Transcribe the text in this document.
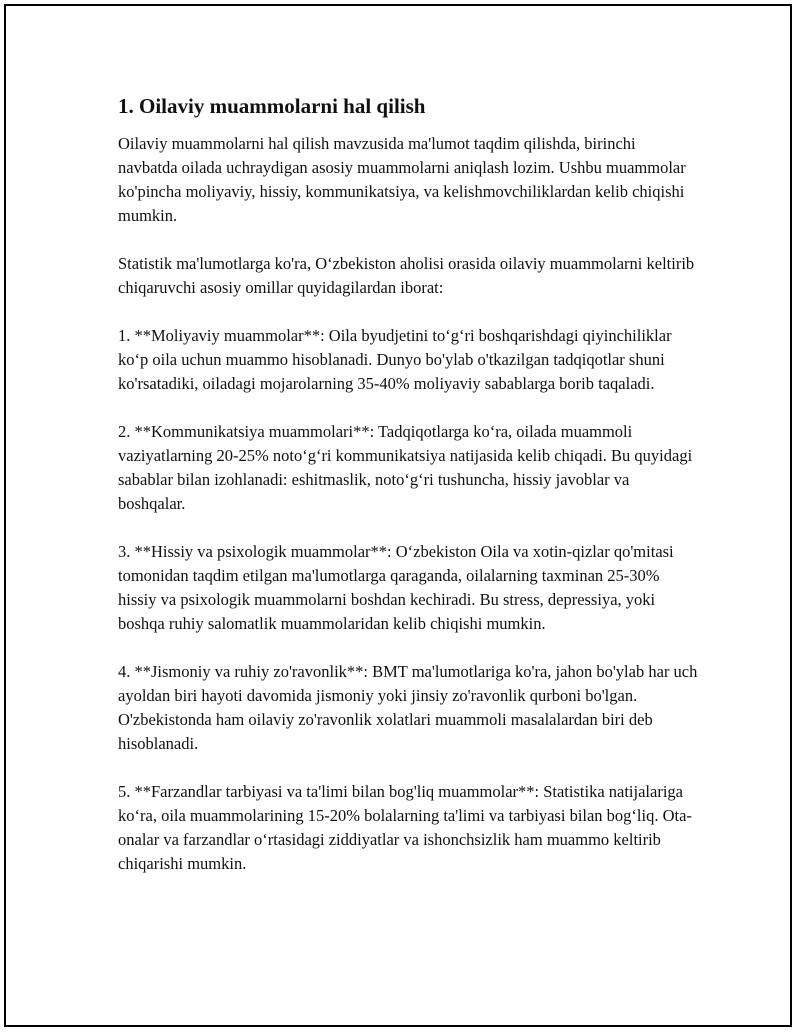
1. Oilaviy muammolarni hal qilish

Oilaviy muammolarni hal qilish mavzusida ma'lumot taqdim qilishda, birinchi navbatda oilada uchraydigan asosiy muammolarni aniqlash lozim. Ushbu muammolar ko'pincha moliyaviy, hissiy, kommunikatsiya, va kelishmovchiliklardan kelib chiqishi mumkin.

Statistik ma'lumotlarga ko'ra, O‘zbekiston aholisi orasida oilaviy muammolarni keltirib chiqaruvchi asosiy omillar quyidagilardan iborat:

1. **Moliyaviy muammolar**: Oila byudjetini to‘g‘ri boshqarishdagi qiyinchiliklar ko‘p oila uchun muammo hisoblanadi. Dunyo bo'ylab o'tkazilgan tadqiqotlar shuni ko'rsatadiki, oiladagi mojarolarning 35-40% moliyaviy sabablarga borib taqaladi.

2. **Kommunikatsiya muammolari**: Tadqiqotlarga ko‘ra, oilada muammoli vaziyatlarning 20-25% noto‘g‘ri kommunikatsiya natijasida kelib chiqadi. Bu quyidagi sabablar bilan izohlanadi: eshitmaslik, noto‘g‘ri tushuncha, hissiy javoblar va boshqalar.

3. **Hissiy va psixologik muammolar**: O‘zbekiston Oila va xotin-qizlar qo'mitasi tomonidan taqdim etilgan ma'lumotlarga qaraganda, oilalarning taxminan 25-30% hissiy va psixologik muammolarni boshdan kechiradi. Bu stress, depressiya, yoki boshqa ruhiy salomatlik muammolaridan kelib chiqishi mumkin.

4. **Jismoniy va ruhiy zo'ravonlik**: BMT ma'lumotlariga ko'ra, jahon bo'ylab har uch ayoldan biri hayoti davomida jismoniy yoki jinsiy zo'ravonlik qurboni bo'lgan. O'zbekistonda ham oilaviy zo'ravonlik xolatlari muammoli masalalardan biri deb hisoblanadi.

5. **Farzandlar tarbiyasi va ta'limi bilan bog'liq muammolar**: Statistika natijalariga ko‘ra, oila muammolarining 15-20% bolalarning ta'limi va tarbiyasi bilan bog‘liq. Ota-onalar va farzandlar o‘rtasidagi ziddiyatlar va ishonchsizlik ham muammo keltirib chiqarishi mumkin.
